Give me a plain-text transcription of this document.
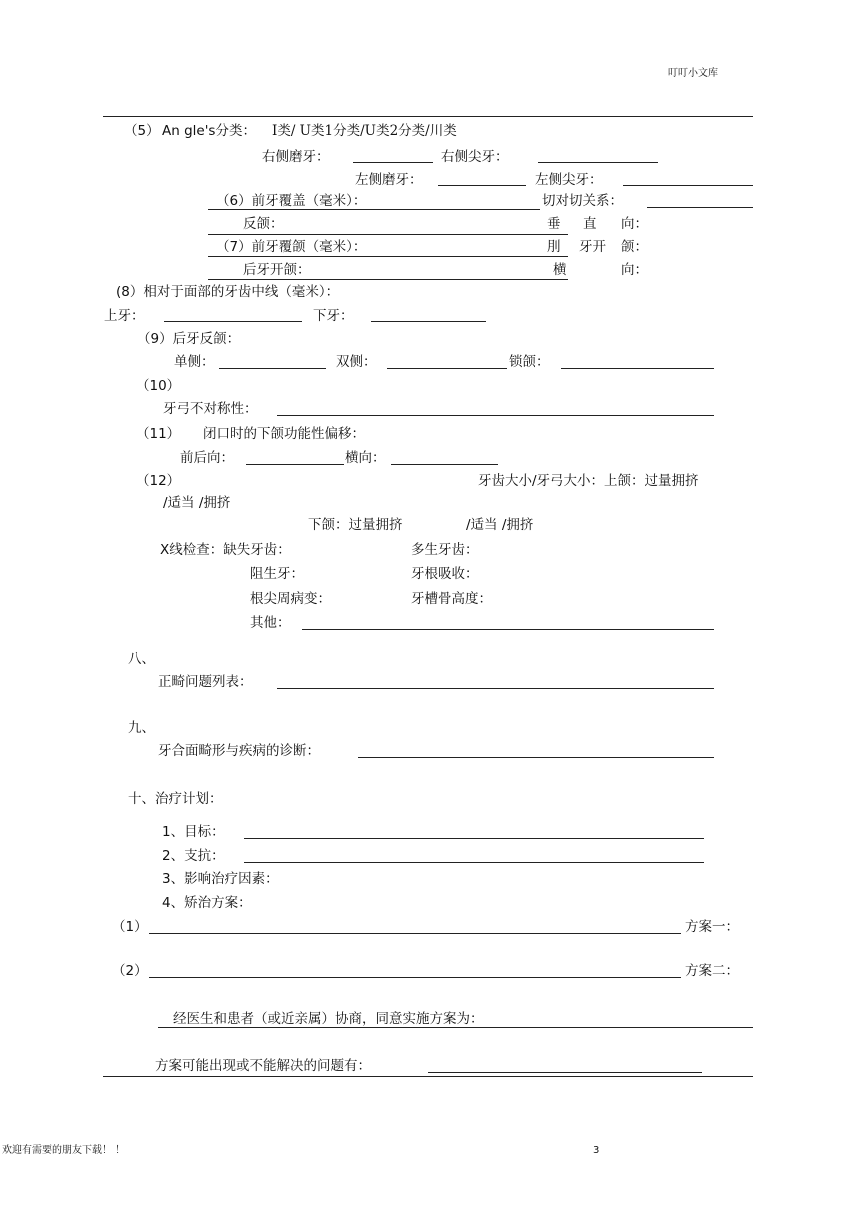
叮叮小文库
（5） An gle's分类： I类/ U类1分类/U类2分类/川类
右侧磨牙：	右侧尖牙：
左侧磨牙：	左侧尖牙：
（6）前牙覆盖（毫米）：	切对切关系：
反颌：	垂 直 向：
（7）前牙覆颌（毫米）：	刖 牙开 颌：
后牙开颌：	横	向：
(8）相对于面部的牙齿中线（毫米）：
上牙：	下牙：
（9）后牙反颌：
单侧：	双侧：	锁颌：
（10）
牙弓不对称性：
（11） 闭口时的下颌功能性偏移：
前后向：	横向：
（12）	牙齿大小/牙弓大小：上颌：过量拥挤
/适当 /拥挤
下颌：过量拥挤	/适当 /拥挤
X线检查：缺失牙齿：	多生牙齿：
阻生牙：	牙根吸收：
根尖周病变：	牙槽骨高度：
其他：
八、
正畸问题列表：
九、
牙合面畸形与疾病的诊断：
十、治疗计划：
1、目标：
2、支抗：
3、影响治疗因素：
4、矫治方案：
（1）	方案一：
（2）	方案二：
经医生和患者（或近亲属）协商，同意实施方案为：
方案可能出现或不能解决的问题有：
欢迎有需要的朋友下载！ ！	3
